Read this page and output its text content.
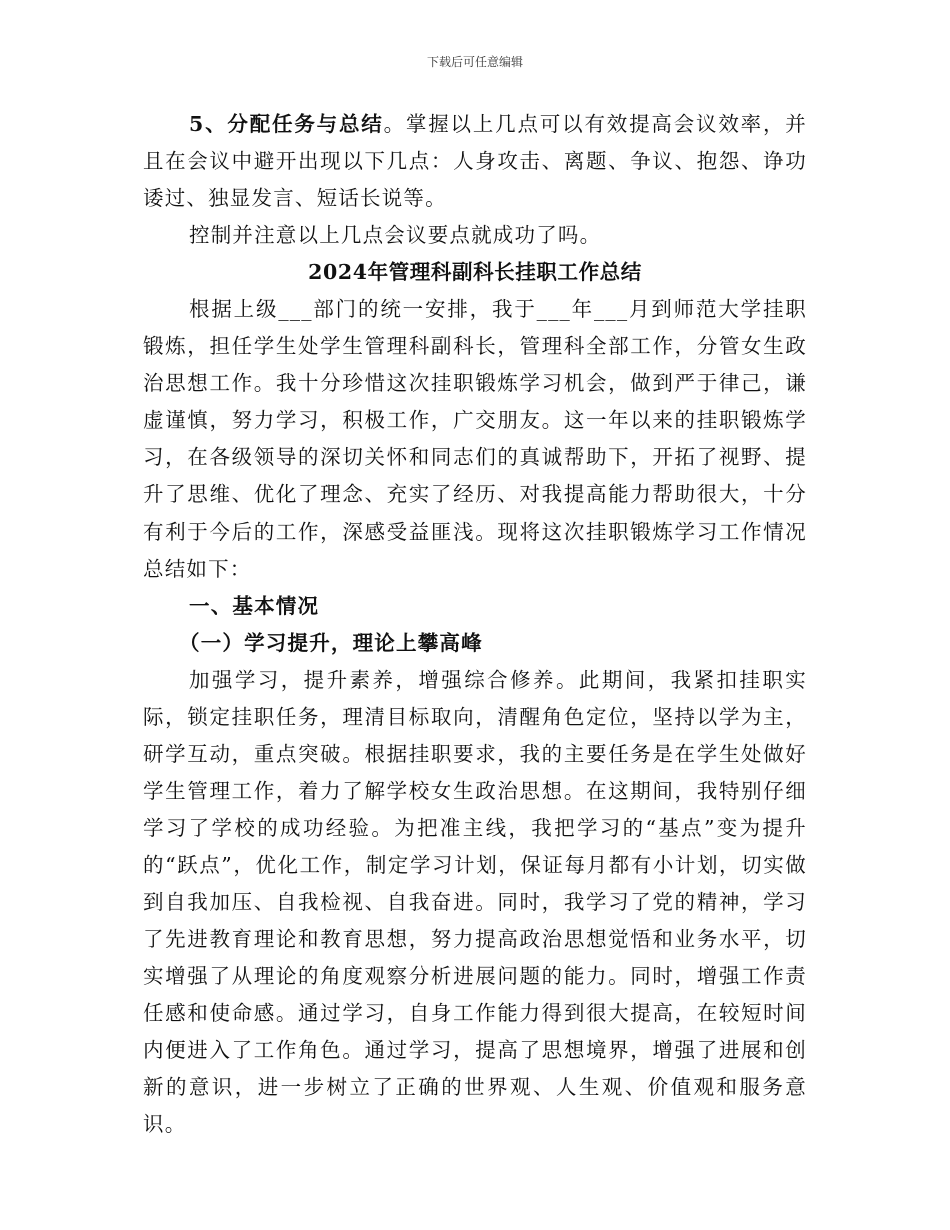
下载后可任意编辑

5、分配任务与总结。掌握以上几点可以有效提高会议效率，并且在会议中避开出现以下几点：人身攻击、离题、争议、抱怨、诤功诿过、独显发言、短话长说等。

控制并注意以上几点会议要点就成功了吗。

2024年管理科副科长挂职工作总结

根据上级___部门的统一安排，我于___年___月到师范大学挂职锻炼，担任学生处学生管理科副科长，管理科全部工作，分管女生政治思想工作。我十分珍惜这次挂职锻炼学习机会，做到严于律己，谦虚谨慎，努力学习，积极工作，广交朋友。这一年以来的挂职锻炼学习，在各级领导的深切关怀和同志们的真诚帮助下，开拓了视野、提升了思维、优化了理念、充实了经历、对我提高能力帮助很大，十分有利于今后的工作，深感受益匪浅。现将这次挂职锻炼学习工作情况总结如下：

一、基本情况

（一）学习提升，理论上攀高峰

加强学习，提升素养，增强综合修养。此期间，我紧扣挂职实际，锁定挂职任务，理清目标取向，清醒角色定位，坚持以学为主，研学互动，重点突破。根据挂职要求，我的主要任务是在学生处做好学生管理工作，着力了解学校女生政治思想。在这期间，我特别仔细学习了学校的成功经验。为把准主线，我把学习的“基点”变为提升的“跃点”，优化工作，制定学习计划，保证每月都有小计划，切实做到自我加压、自我检视、自我奋进。同时，我学习了党的精神，学习了先进教育理论和教育思想，努力提高政治思想觉悟和业务水平，切实增强了从理论的角度观察分析进展问题的能力。同时，增强工作责任感和使命感。通过学习，自身工作能力得到很大提高，在较短时间内便进入了工作角色。通过学习，提高了思想境界，增强了进展和创新的意识，进一步树立了正确的世界观、人生观、价值观和服务意识。
